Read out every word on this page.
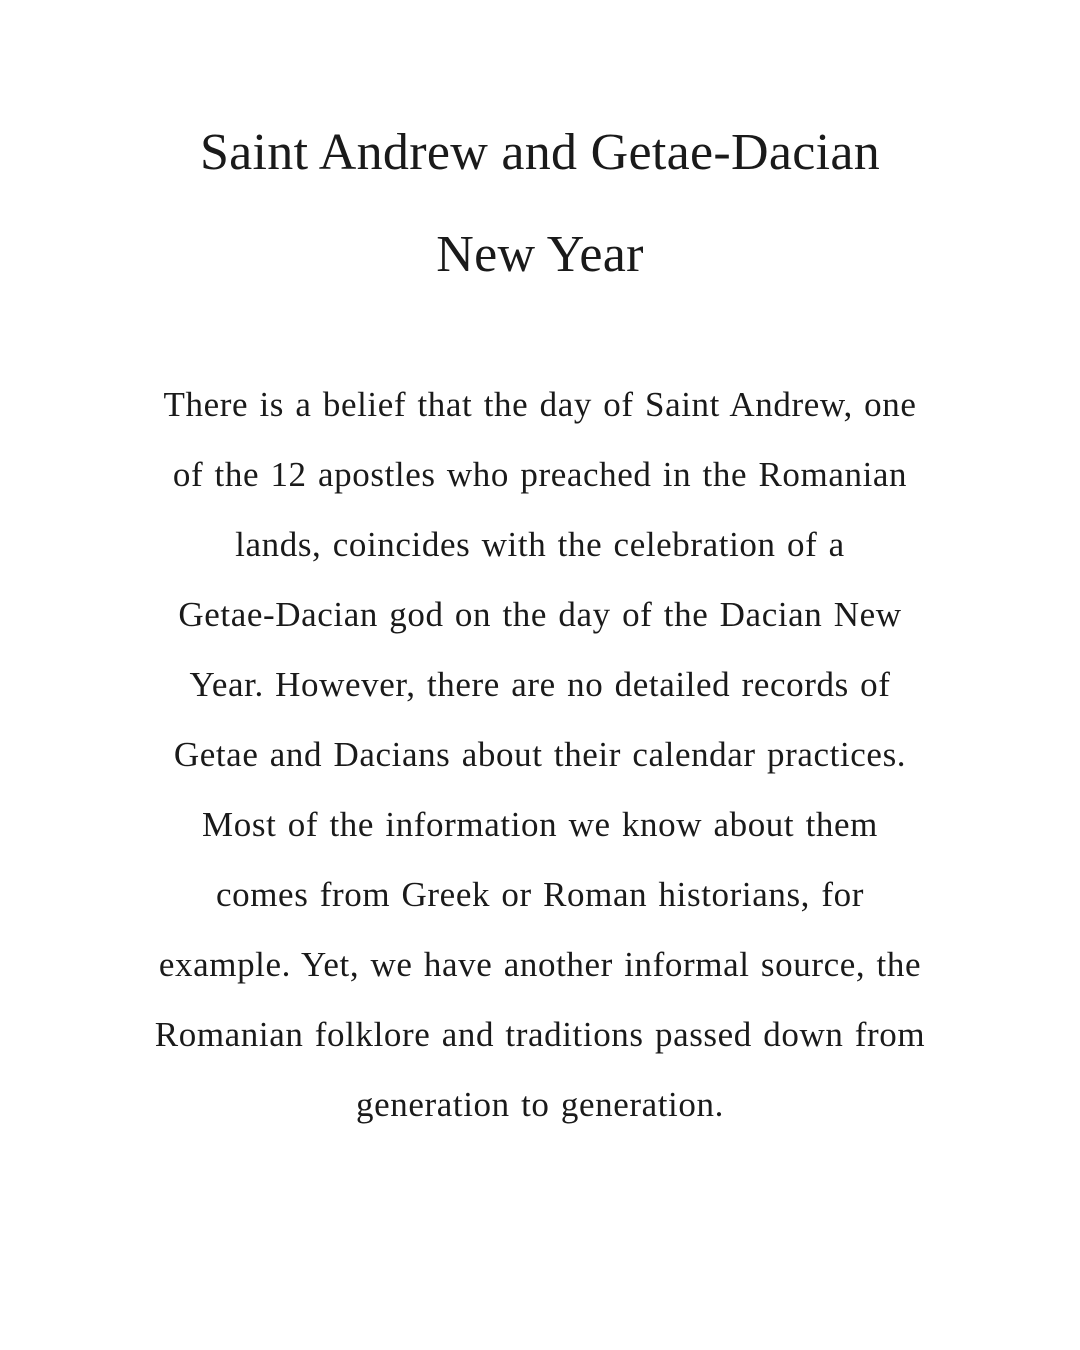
Saint Andrew and Getae-Dacian
New Year
There is a belief that the day of Saint Andrew, one
of the 12 apostles who preached in the Romanian
lands, coincides with the celebration of a
Getae-Dacian god on the day of the Dacian New
Year. However, there are no detailed records of
Getae and Dacians about their calendar practices.
Most of the information we know about them
comes from Greek or Roman historians, for
example. Yet, we have another informal source, the
Romanian folklore and traditions passed down from
generation to generation.
